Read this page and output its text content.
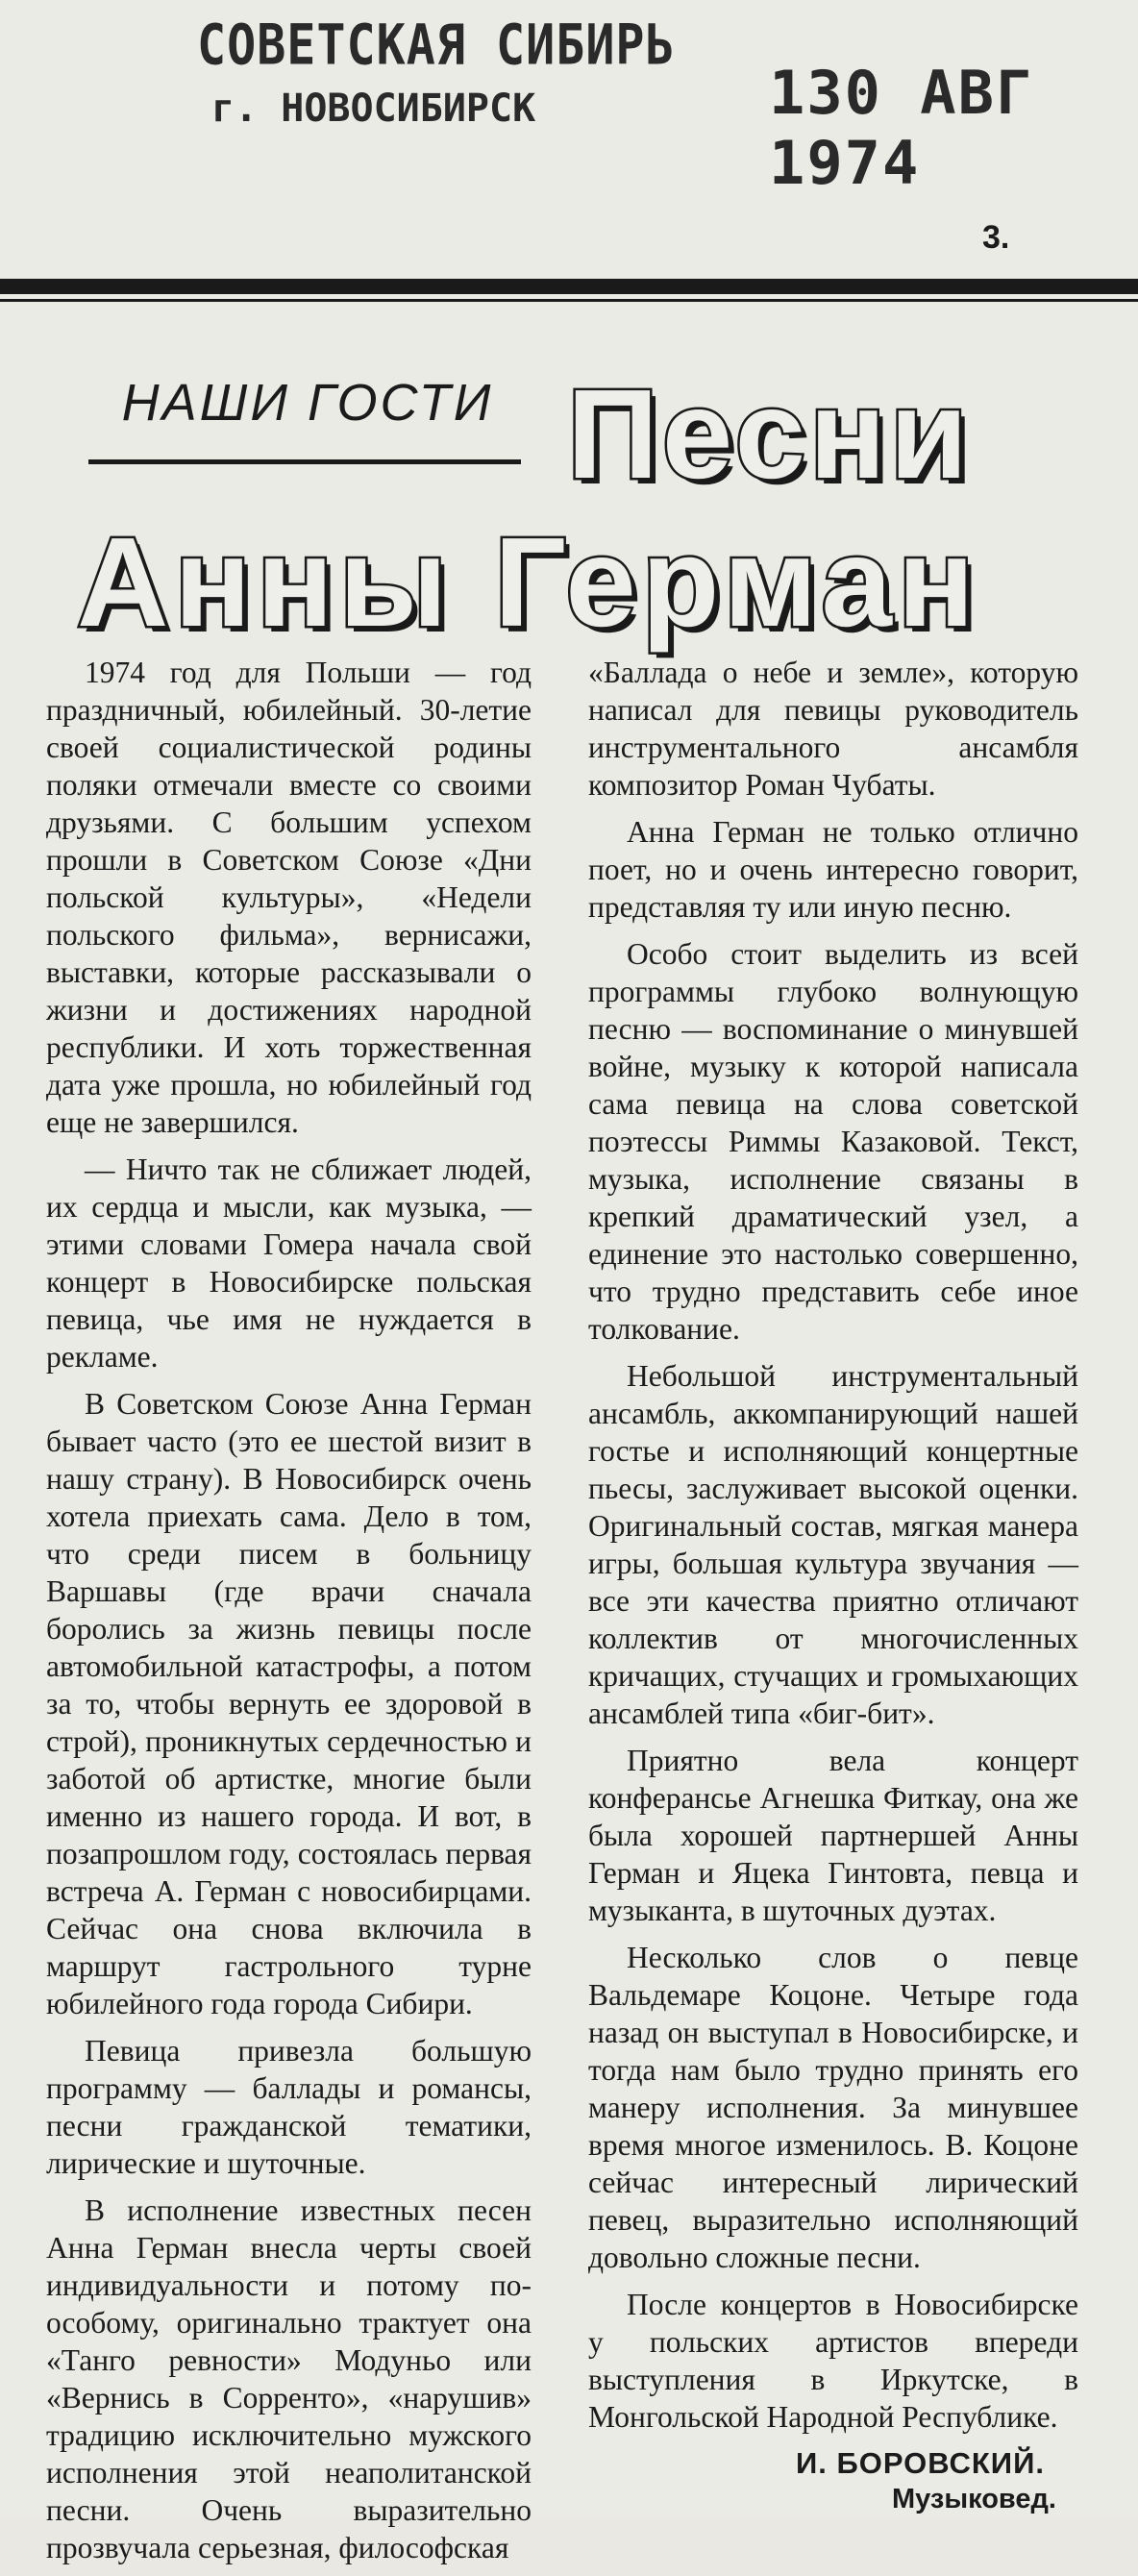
СОВЕТСКАЯ СИБИРЬ
г. НОВОСИБИРСК	130 АВГ 1974
3.
НАШИ ГОСТИ Песни
Анны Герман

1974 год для Польши — год праздничный, юбилейный. 30-летие своей социалистической родины поляки отмечали вместе со своими друзьями. С большим успехом прошли в Советском Союзе «Дни польской культуры», «Недели польского фильма», вернисажи, выставки, которые рассказывали о жизни и достижениях народной республики. И хоть торжественная дата уже прошла, но юбилейный год еще не завершился.

— Ничто так не сближает людей, их сердца и мысли, как музыка, — этими словами Гомера начала свой концерт в Новосибирске польская певица, чье имя не нуждается в рекламе.

В Советском Союзе Анна Герман бывает часто (это ее шестой визит в нашу страну). В Новосибирск очень хотела приехать сама. Дело в том, что среди писем в больницу Варшавы (где врачи сначала боролись за жизнь певицы после автомобильной катастрофы, а потом за то, чтобы вернуть ее здоровой в строй), проникнутых сердечностью и заботой об артистке, многие были именно из нашего города. И вот, в позапрошлом году, состоялась первая встреча А. Герман с новосибирцами. Сейчас она снова включила в маршрут гастрольного турне юбилейного года города Сибири.

Певица привезла большую программу — баллады и романсы, песни гражданской тематики, лирические и шуточные.

В исполнение известных песен Анна Герман внесла черты своей индивидуальности и потому по-особому, оригинально трактует она «Танго ревности» Модуньо или «Вернись в Сорренто», «нарушив» традицию исключительно мужского исполнения этой неаполитанской песни. Очень выразительно прозвучала серьезная, философская

«Баллада о небе и земле», которую написал для певицы руководитель инструментального ансамбля композитор Роман Чубаты.

Анна Герман не только отлично поет, но и очень интересно говорит, представляя ту или иную песню.

Особо стоит выделить из всей программы глубоко волнующую песню — воспоминание о минувшей войне, музыку к которой написала сама певица на слова советской поэтессы Риммы Казаковой. Текст, музыка, исполнение связаны в крепкий драматический узел, а единение это настолько совершенно, что трудно представить себе иное толкование.

Небольшой инструментальный ансамбль, аккомпанирующий нашей гостье и исполняющий концертные пьесы, заслуживает высокой оценки. Оригинальный состав, мягкая манера игры, большая культура звучания — все эти качества приятно отличают коллектив от многочисленных кричащих, стучащих и громыхающих ансамблей типа «биг-бит».

Приятно вела концерт конферансье Агнешка Фиткау, она же была хорошей партнершей Анны Герман и Яцека Гинтовта, певца и музыканта, в шуточных дуэтах.

Несколько слов о певце Вальдемаре Коцоне. Четыре года назад он выступал в Новосибирске, и тогда нам было трудно принять его манеру исполнения. За минувшее время многое изменилось. В. Коцоне сейчас интересный лирический певец, выразительно исполняющий довольно сложные песни.

После концертов в Новосибирске у польских артистов впереди выступления в Иркутске, в Монгольской Народной Республике.

И. БОРОВСКИЙ.
Музыковед.
